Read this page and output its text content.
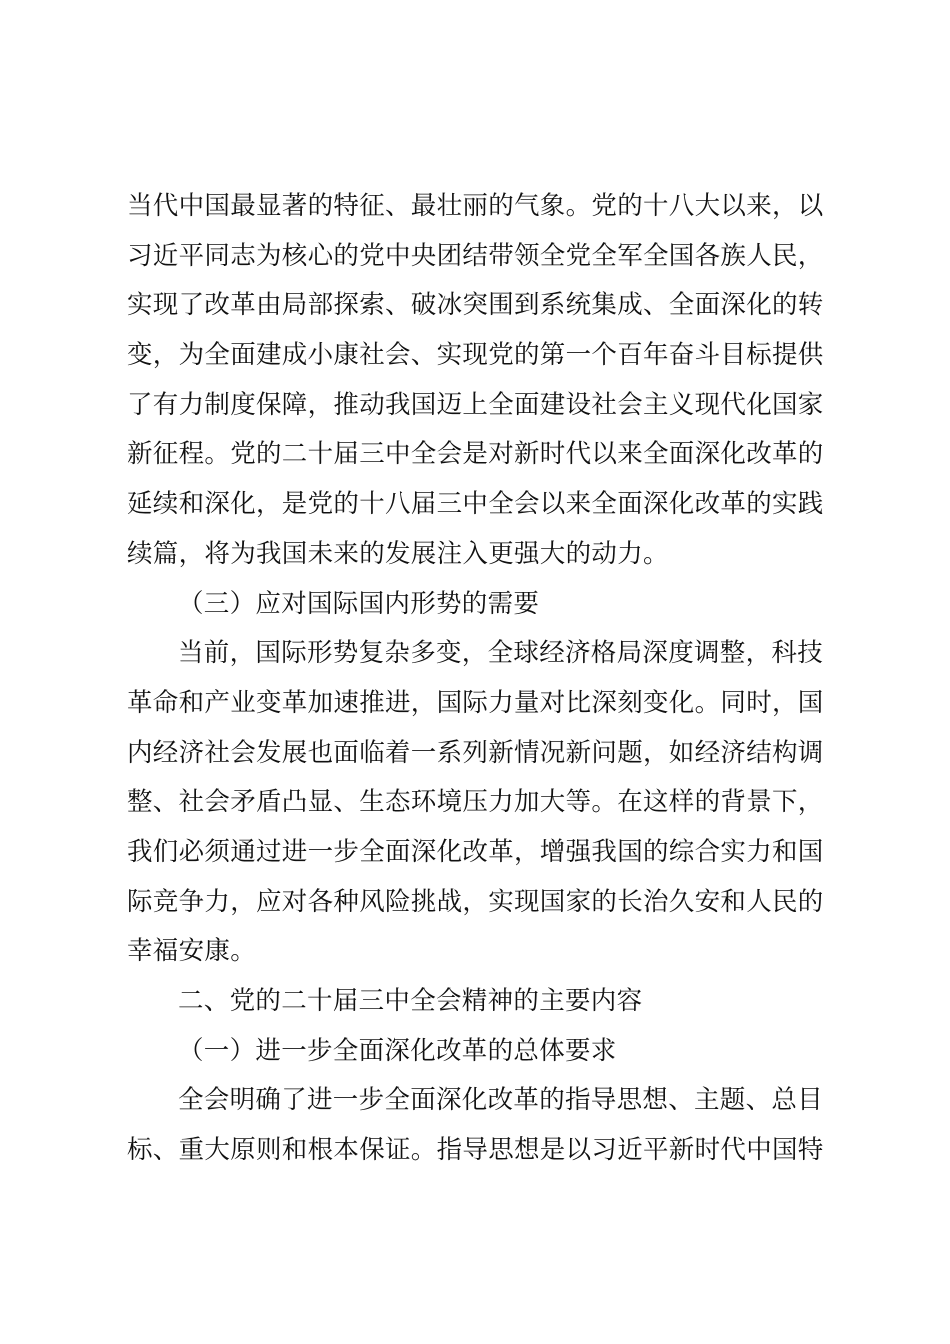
当代中国最显著的特征、最壮丽的气象。党的十八大以来，以
习近平同志为核心的党中央团结带领全党全军全国各族人民，
实现了改革由局部探索、破冰突围到系统集成、全面深化的转
变，为全面建成小康社会、实现党的第一个百年奋斗目标提供
了有力制度保障，推动我国迈上全面建设社会主义现代化国家
新征程。党的二十届三中全会是对新时代以来全面深化改革的
延续和深化，是党的十八届三中全会以来全面深化改革的实践
续篇，将为我国未来的发展注入更强大的动力。
（三）应对国际国内形势的需要
当前，国际形势复杂多变，全球经济格局深度调整，科技
革命和产业变革加速推进，国际力量对比深刻变化。同时，国
内经济社会发展也面临着一系列新情况新问题，如经济结构调
整、社会矛盾凸显、生态环境压力加大等。在这样的背景下，
我们必须通过进一步全面深化改革，增强我国的综合实力和国
际竞争力，应对各种风险挑战，实现国家的长治久安和人民的
幸福安康。
二、党的二十届三中全会精神的主要内容
（一）进一步全面深化改革的总体要求
全会明确了进一步全面深化改革的指导思想、主题、总目
标、重大原则和根本保证。指导思想是以习近平新时代中国特
